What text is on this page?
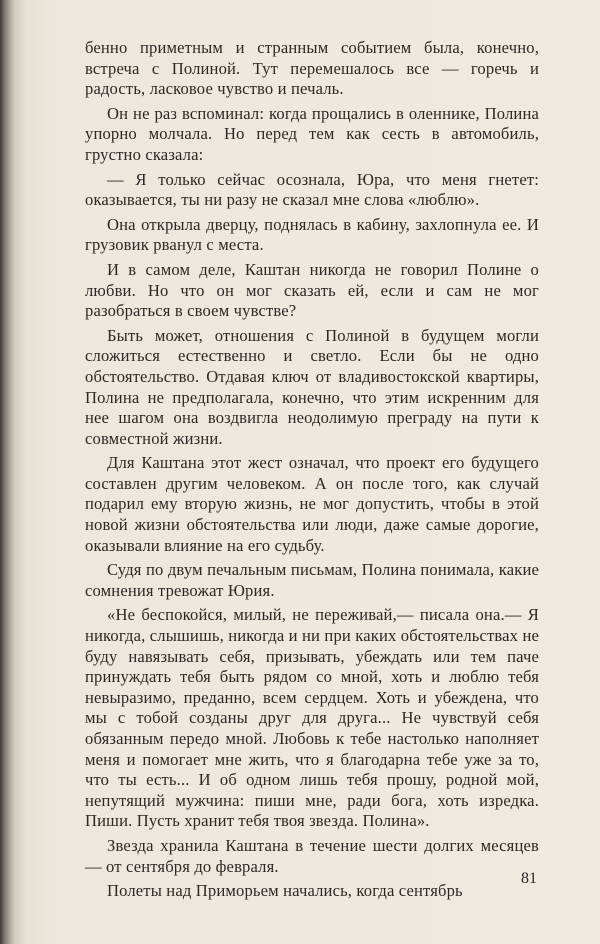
бенно приметным и странным событием была, конечно, встреча с Полиной. Тут перемешалось все — горечь и радость, ласковое чувство и печаль.

Он не раз вспоминал: когда прощались в оленнике, Полина упорно молчала. Но перед тем как сесть в автомобиль, грустно сказала:

— Я только сейчас осознала, Юра, что меня гнетет: оказывается, ты ни разу не сказал мне слова «люблю».

Она открыла дверцу, поднялась в кабину, захлопнула ее. И грузовик рванул с места.

И в самом деле, Каштан никогда не говорил Полине о любви. Но что он мог сказать ей, если и сам не мог разобраться в своем чувстве?

Быть может, отношения с Полиной в будущем могли сложиться естественно и светло. Если бы не одно обстоятельство. Отдавая ключ от владивостокской квартиры, Полина не предполагала, конечно, что этим искренним для нее шагом она воздвигла неодолимую преграду на пути к совместной жизни.

Для Каштана этот жест означал, что проект его будущего составлен другим человеком. А он после того, как случай подарил ему вторую жизнь, не мог допустить, чтобы в этой новой жизни обстоятельства или люди, даже самые дорогие, оказывали влияние на его судьбу.

Судя по двум печальным письмам, Полина понимала, какие сомнения тревожат Юрия.

«Не беспокойся, милый, не переживай,— писала она.— Я никогда, слышишь, никогда и ни при каких обстоятельствах не буду навязывать себя, призывать, убеждать или тем паче принуждать тебя быть рядом со мной, хоть и люблю тебя невыразимо, преданно, всем сердцем. Хоть и убеждена, что мы с тобой созданы друг для друга... Не чувствуй себя обязанным передо мной. Любовь к тебе настолько наполняет меня и помогает мне жить, что я благодарна тебе уже за то, что ты есть... И об одном лишь тебя прошу, родной мой, непутящий мужчина: пиши мне, ради бога, хоть изредка. Пиши. Пусть хранит тебя твоя звезда. Полина».

Звезда хранила Каштана в течение шести долгих месяцев — от сентября до февраля.

Полеты над Приморьем начались, когда сентябрь

81
